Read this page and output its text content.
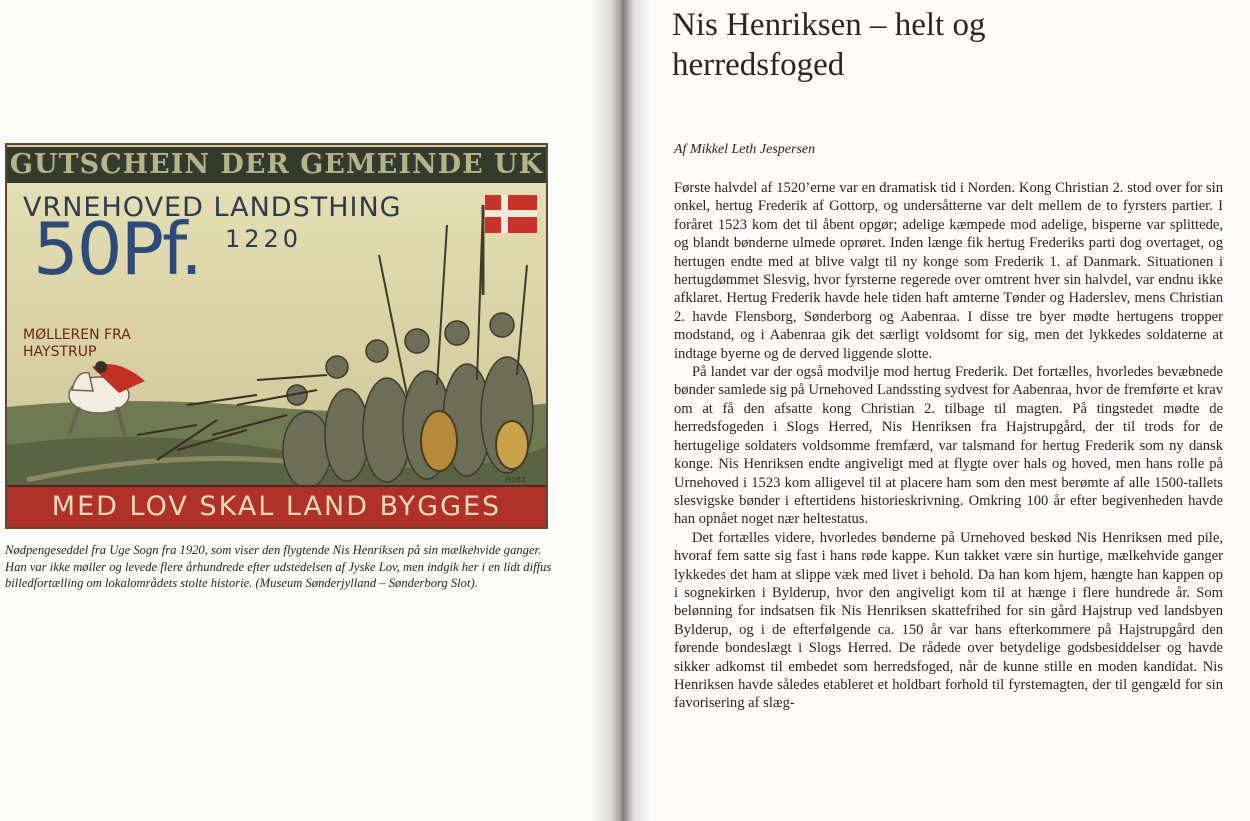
GUTSCHEIN DER GEMEINDE UK
VRNEHOVED LANDSTHING
1220
50Pf.
MØLLEREN FRA
HAYSTRUP
Holtz
MED LOV SKAL LAND BYGGES

Nødpengeseddel fra Uge Sogn fra 1920, som viser den flygtende Nis Henriksen på sin mælkehvide ganger. Han var ikke møller og levede flere århundrede efter udstedelsen af Jyske Lov, men indgik her i en lidt diffus billedfortælling om lokalområdets stolte historie. (Museum Sønderjylland – Sønderborg Slot).

Nis Henriksen – helt og
herredsfoged

Af Mikkel Leth Jespersen

Første halvdel af 1520’erne var en dramatisk tid i Norden. Kong Christian 2. stod over for sin onkel, hertug Frederik af Gottorp, og undersåtterne var delt mellem de to fyrsters partier. I foråret 1523 kom det til åbent opgør; adelige kæmpede mod adelige, bisperne var splittede, og blandt bønderne ulmede oprøret. Inden længe fik hertug Frederiks parti dog overtaget, og hertugen endte med at blive valgt til ny konge som Frederik 1. af Danmark. Situationen i hertugdømmet Slesvig, hvor fyrsterne regerede over omtrent hver sin halvdel, var endnu ikke afklaret. Hertug Frederik havde hele tiden haft amterne Tønder og Haderslev, mens Christian 2. havde Flensborg, Sønderborg og Aabenraa. I disse tre byer mødte hertugens tropper modstand, og i Aabenraa gik det særligt voldsomt for sig, men det lykkedes soldaterne at indtage byerne og de derved liggende slotte.

På landet var der også modvilje mod hertug Frederik. Det fortælles, hvorledes bevæbnede bønder samlede sig på Urnehoved Landssting sydvest for Aabenraa, hvor de fremførte et krav om at få den afsatte kong Christian 2. tilbage til magten. På tingstedet mødte de herredsfogeden i Slogs Herred, Nis Henriksen fra Hajstrupgård, der til trods for de hertugelige soldaters voldsomme fremfærd, var talsmand for hertug Frederik som ny dansk konge. Nis Henriksen endte angiveligt med at flygte over hals og hoved, men hans rolle på Urnehoved i 1523 kom alligevel til at placere ham som den mest berømte af alle 1500-tallets slesvigske bønder i eftertidens historieskrivning. Omkring 100 år efter begivenheden havde han opnået noget nær heltestatus.

Det fortælles videre, hvorledes bønderne på Urnehoved beskød Nis Henriksen med pile, hvoraf fem satte sig fast i hans røde kappe. Kun takket være sin hurtige, mælkehvide ganger lykkedes det ham at slippe væk med livet i behold. Da han kom hjem, hængte han kappen op i sognekirken i Bylderup, hvor den angiveligt kom til at hænge i flere hundrede år. Som belønning for indsatsen fik Nis Henriksen skattefrihed for sin gård Hajstrup ved landsbyen Bylderup, og i de efterfølgende ca. 150 år var hans efterkommere på Hajstrupgård den førende bondeslægt i Slogs Herred. De rådede over betydelige godsbesiddelser og havde sikker adkomst til embedet som herredsfoged, når de kunne stille en moden kandidat. Nis Henriksen havde således etableret et holdbart forhold til fyrstemagten, der til gengæld for sin favorisering af slæg-
